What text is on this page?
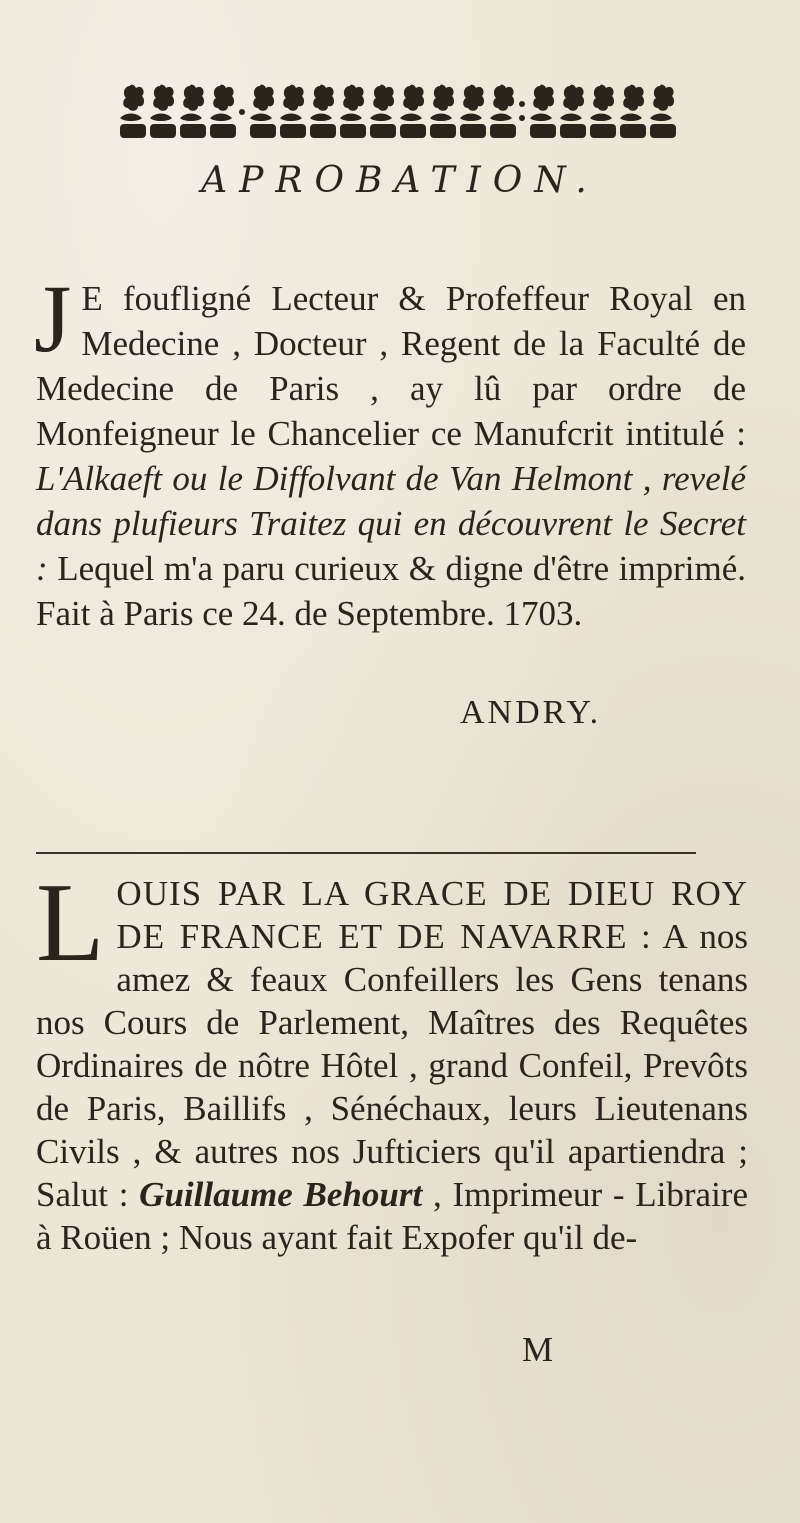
APROBATION.
J E foufligné Lecteur & Profeffeur Royal en Medecine , Docteur , Regent de la Faculté de Medecine de Paris , ay lû par ordre de Monfeigneur le Chancelier ce Manufcrit intitulé : L'Alkaeft ou le Diffolvant de Van Helmont , revelé dans plufieurs Traitez qui en découvrent le Secret : Lequel m'a paru curieux & digne d'être imprimé. Fait à Paris ce 24. de Septembre. 1703.
ANDRY.
LOUIS PAR LA GRACE DE DIEU ROY DE FRANCE ET DE NAVARRE : A nos amez & feaux Confeillers les Gens tenans nos Cours de Parlement, Maîtres des Requêtes Ordinaires de nôtre Hôtel , grand Confeil, Prevôts de Paris, Baillifs , Sénéchaux, leurs Lieutenans Civils , & autres nos Jufticiers qu'il apartiendra ; Salut : Guillaume Behourt , Imprimeur - Libraire à Roüen ; Nous ayant fait Expofer qu'il de-
M
